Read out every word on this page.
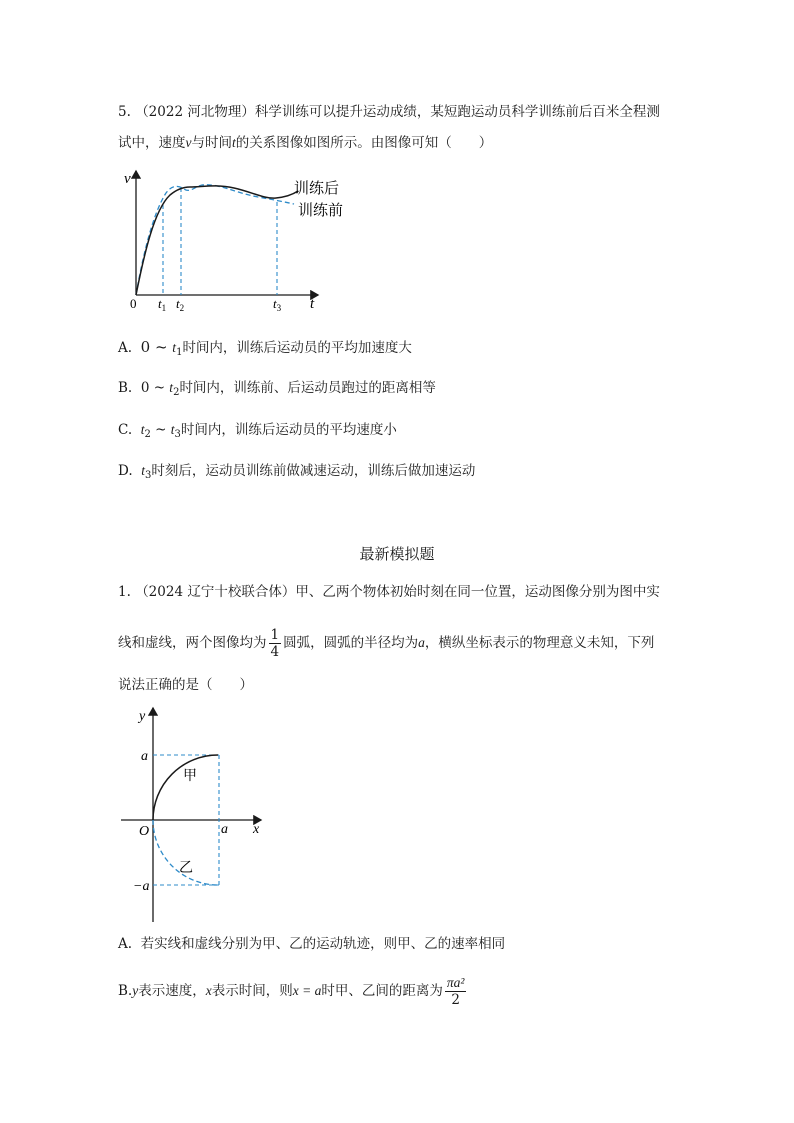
5. （2022 河北物理）科学训练可以提升运动成绩，某短跑运动员科学训练前后百米全程测
试中，速度v与时间t的关系图像如图所示。由图像可知（　　）
v
t
0 $t_1$ $t_2$	$t_3$
训练后
训练前
A. 0 ~ $t_1$时间内，训练后运动员的平均加速度大
B. 0 ~ $t_2$时间内，训练前、后运动员跑过的距离相等
C. $t_2$ ~ $t_3$时间内，训练后运动员的平均速度小
D. $t_3$时刻后，运动员训练前做减速运动，训练后做加速运动
最新模拟题
1. （2024 辽宁十校联合体）甲、乙两个物体初始时刻在同一位置，运动图像分别为图中实
线和虚线，两个图像均为 $\frac{1}{4}$ 圆弧，圆弧的半径均为a，横纵坐标表示的物理意义未知，下列
说法正确的是（　　）
y
x
O
a
a
−a
甲
乙
A. 若实线和虚线分别为甲、乙的运动轨迹，则甲、乙的速率相同
B.y表示速度，x表示时间，则x = a时甲、乙间的距离为 $\frac{\text{πa²}}{2}$
